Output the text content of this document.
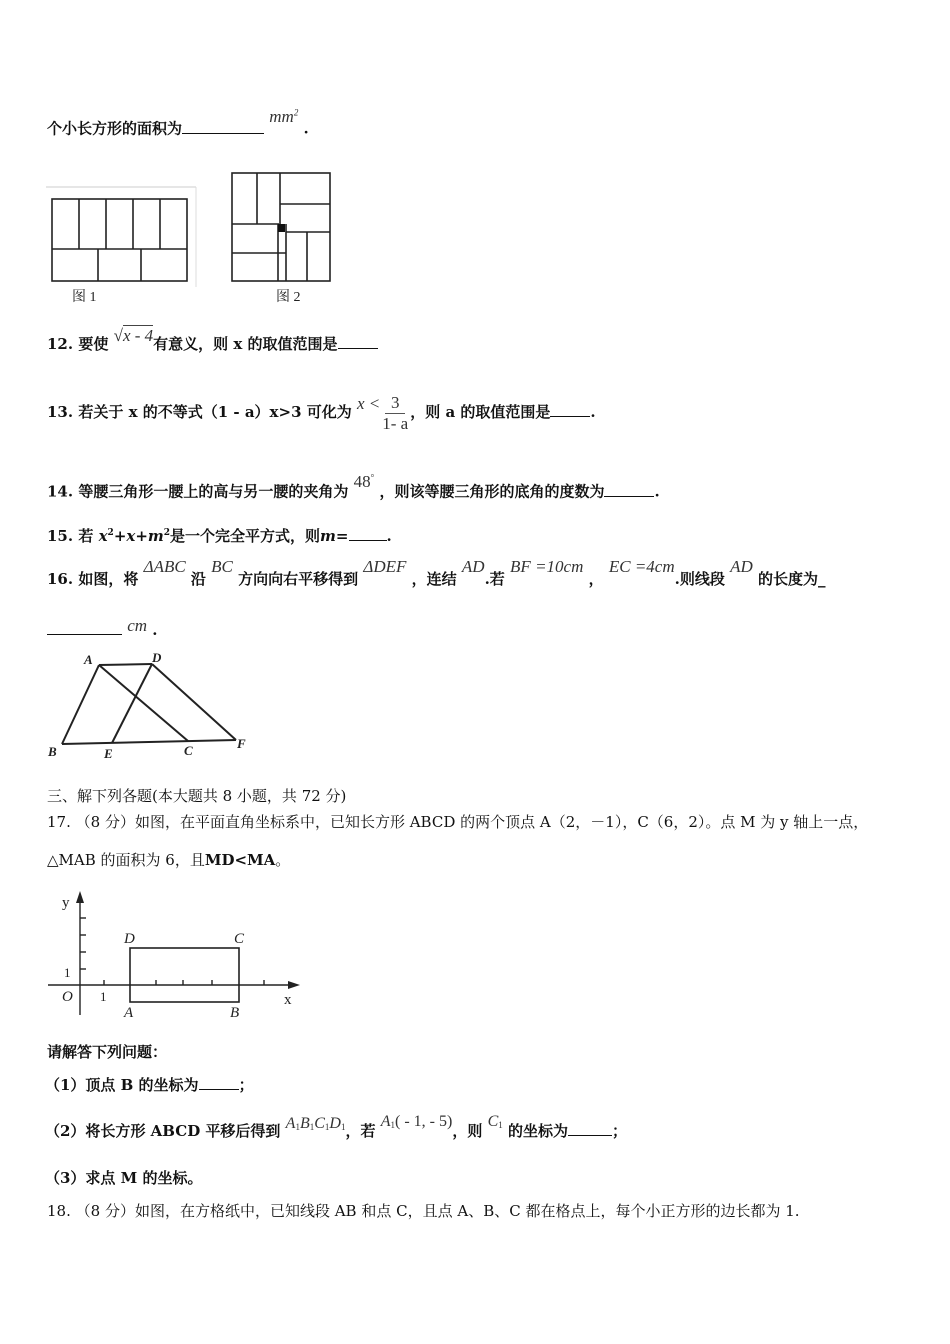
个小长方形的面积为 $mm^2$ .
图 1	图 2
12. 要使 √x - 4有意义，则 x 的取值范围是
13. 若关于 x 的不等式（1 - a）x>3 可化为 $x < \frac{3}{1- a}$ ，则 a 的取值范围是	.
14. 等腰三角形一腰上的高与另一腰的夹角为 48° ，则该等腰三角形的底角的度数为	.
15. 若 $x^2+x+m^2$是一个完全平方式，则m=	.
16. 如图，将 ΔABC 沿 BC 方向向右平移得到 ΔDEF ，连结 AD.若 BF =10cm ， EC =4cm.则线段 AD 的长度为_
cm .
A	D
B	E	C	F
三、解下列各题(本大题共 8 小题，共 72 分)
17. （8 分）如图，在平面直角坐标系中，已知长方形 ABCD 的两个顶点 A（2，－1），C（6，2）。点 M 为 y 轴上一点，
△MAB 的面积为 6，且MD<MA。
y
x
O 1
1
D	C
A	B
请解答下列问题：
（1）顶点 B 的坐标为	；
（2）将长方形 ABCD 平移后得到 A1B1C1D1，若 A1( - 1, - 5)，则 C1 的坐标为	；
（3）求点 M 的坐标。
18. （8 分）如图，在方格纸中，已知线段 AB 和点 C，且点 A、B、C 都在格点上，每个小正方形的边长都为 1.
